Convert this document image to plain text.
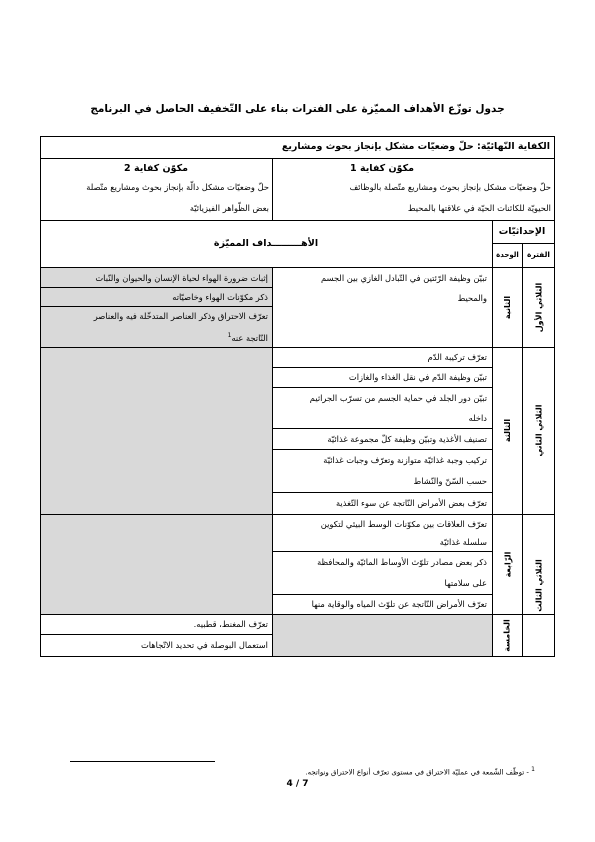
جدول توزّع الأهداف المميّزة على الفترات بناء على التّخفيف الحاصل في البرنامج
الكفاية النّهائيّة: حلّ وضعيّات مشكل بإنجاز بحوث ومشاريع
مكوّن كفاية 1
حلّ وضعيّات مشكل بإنجاز بحوث ومشاريع متّصلة بالوظائف
الحيويّة للكائنات الحيّة في علاقتها بالمحيط
مكوّن كفاية 2
حلّ وضعيّات مشكل دالّة بإنجاز بحوث ومشاريع متّصلة
بعض الظّواهر الفيزيائيّة
الإحداثيّات
الفترة
الوحدة
الأهـــــــــداف المميّزة
الثلاثي الأول
الثلاثي الثاني
الثلاثي الثالث
الثانية
الثالثة
الرّابعة
الخامسة
تبيّن وظيفة الرّئتين في التّبادل الغازي بين الجسم
والمحيط
إثبات ضرورة الهواء لحياة الإنسان والحيوان والنّبات
ذكر مكوّنات الهواء وخاصيّاته
تعرّف الاحتراق وذكر العناصر المتدخّلة فيه والعناصر
النّاتجة عنه$^1$
تعرّف تركيبة الدّم
تبيّن وظيفة الدّم في نقل الغذاء والغازات
تبيّن دور الجلد في حماية الجسم من تسرّب الجراثيم
داخله
تصنيف الأغذية وتبيّن وظيفة كلّ مجموعة غذائيّة
تركيب وجبة غذائيّة متوازنة وتعرّف وجبات غذائيّة
حسب السّنّ والنّشاط
تعرّف بعض الأمراض النّاتجة عن سوء التّغذية
تعرّف العلاقات بين مكوّنات الوسط البيئي لتكوين
سلسلة غذائيّة
ذكر بعض مصادر تلوّث الأوساط المائيّة والمحافظة
على سلامتها
تعرّف الأمراض النّاتجة عن تلوّث المياه والوقاية منها
تعرّف المغنط، قطبيه.
استعمال البوصلة في تحديد الاتّجاهات
$^1$ - توظّف الشّمعة في عمليّة الاحتراق في مستوى تعرّف أنواع الاحتراق ونواتجه.
4 / 7
